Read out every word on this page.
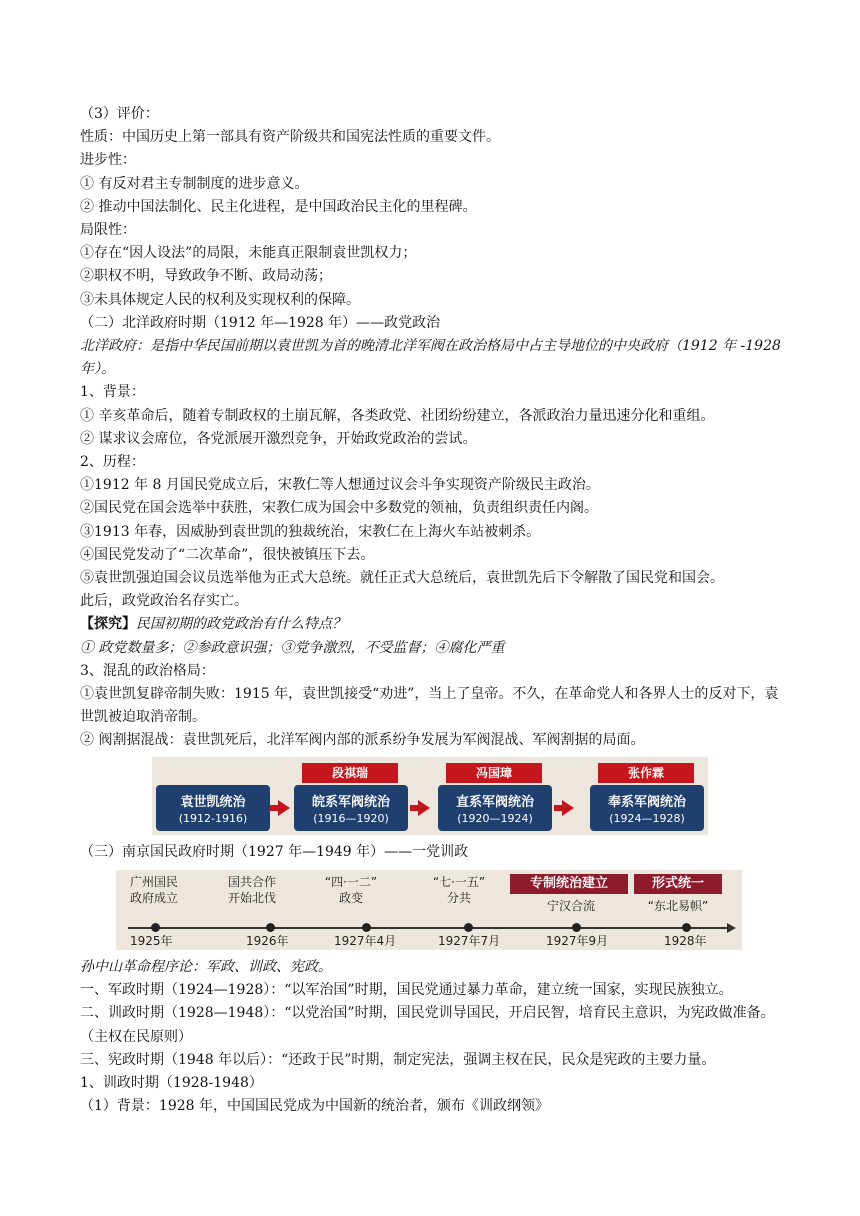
（3）评价：
性质：中国历史上第一部具有资产阶级共和国宪法性质的重要文件。
进步性：
① 有反对君主专制制度的进步意义。
② 推动中国法制化、民主化进程，是中国政治民主化的里程碑。
局限性：
①存在“因人设法”的局限，未能真正限制袁世凯权力；
②职权不明，导致政争不断、政局动荡；
③未具体规定人民的权利及实现权利的保障。
（二）北洋政府时期（1912 年—1928 年）——政党政治
北洋政府：是指中华民国前期以袁世凯为首的晚清北洋军阀在政治格局中占主导地位的中央政府（1912 年 -1928 年）。
1、背景：
① 辛亥革命后，随着专制政权的土崩瓦解，各类政党、社团纷纷建立，各派政治力量迅速分化和重组。
② 谋求议会席位，各党派展开激烈竞争，开始政党政治的尝试。
2、历程：
①1912 年 8 月国民党成立后，宋教仁等人想通过议会斗争实现资产阶级民主政治。
②国民党在国会选举中获胜，宋教仁成为国会中多数党的领袖，负责组织责任内阁。
③1913 年春，因威胁到袁世凯的独裁统治，宋教仁在上海火车站被刺杀。
④国民党发动了“二次革命”，很快被镇压下去。
⑤袁世凯强迫国会议员选举他为正式大总统。就任正式大总统后，袁世凯先后下令解散了国民党和国会。
此后，政党政治名存实亡。
【探究】民国初期的政党政治有什么特点？
① 政党数量多；②参政意识强；③党争激烈，不受监督；④腐化严重
3、混乱的政治格局：
①袁世凯复辟帝制失败：1915 年，袁世凯接受“劝进”，当上了皇帝。不久，在革命党人和各界人士的反对下，袁世凯被迫取消帝制。
② 阀割据混战：袁世凯死后，北洋军阀内部的派系纷争发展为军阀混战、军阀割据的局面。
袁世凯统治
(1912-1916)
段祺瑞
皖系军阀统治
(1916—1920)
冯国璋
直系军阀统治
(1920—1924)
张作霖
奉系军阀统治
(1924—1928)
（三）南京国民政府时期（1927 年—1949 年）——一党训政
广州国民
政府成立
国共合作
开始北伐
“四·一二”
政变
“七·一五”
分共
专制统治建立
宁汉合流
形式统一
“东北易帜”
1925年	1926年	1927年4月	1927年7月	1927年9月	1928年
孙中山革命程序论：军政、训政、宪政。
一、军政时期（1924—1928）：“以军治国”时期，国民党通过暴力革命，建立统一国家，实现民族独立。
二、训政时期（1928—1948）：“以党治国”时期，国民党训导国民，开启民智，培育民主意识，为宪政做准备。（主权在民原则）
三、宪政时期（1948 年以后）：“还政于民”时期，制定宪法，强调主权在民，民众是宪政的主要力量。
1、训政时期（1928-1948）
（1）背景：1928 年，中国国民党成为中国新的统治者，颁布《训政纲领》
